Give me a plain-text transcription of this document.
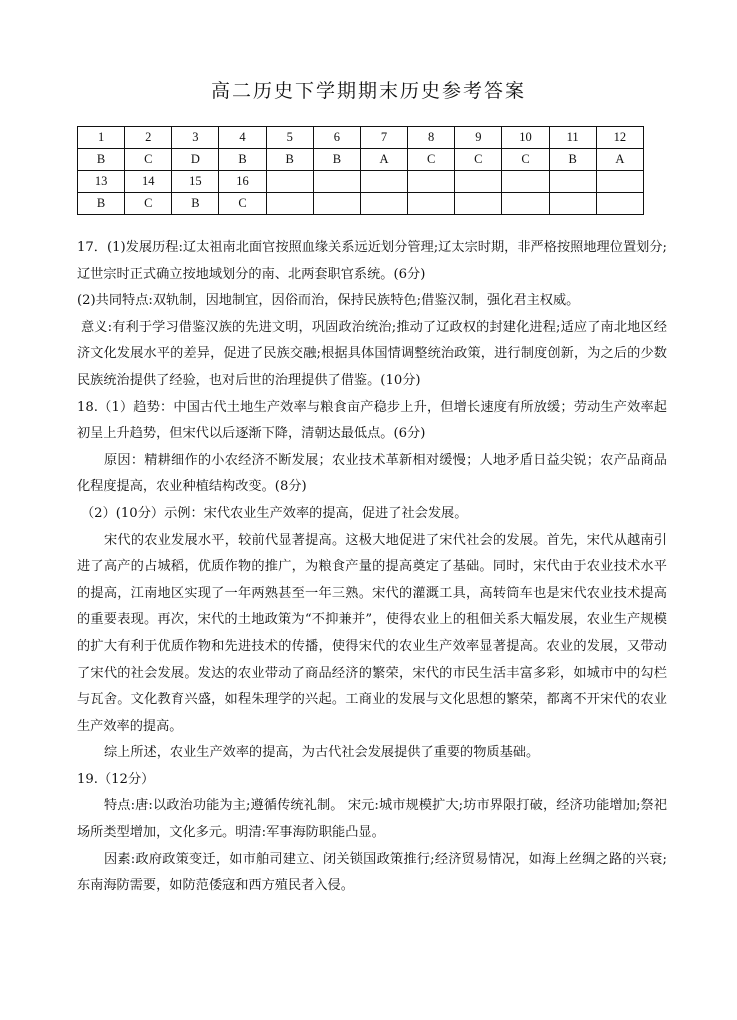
高二历史下学期期末历史参考答案
1	2	3	4	5	6	7	8	9	10	11	12
B	C	D	B	B	B	A	C	C	C	B	A
13	14	15	16								
B	C	B	C								

17．(1)发展历程:辽太祖南北面官按照血缘关系远近划分管理;辽太宗时期，非严格按照地理位置划分;辽世宗时正式确立按地域划分的南、北两套职官系统。(6分)

(2)共同特点:双轨制，因地制宜，因俗而治，保持民族特色;借鉴汉制，强化君主权威。

意义:有利于学习借鉴汉族的先进文明，巩固政治统治;推动了辽政权的封建化进程;适应了南北地区经济文化发展水平的差异，促进了民族交融;根据具体国情调整统治政策，进行制度创新，为之后的少数民族统治提供了经验，也对后世的治理提供了借鉴。(10分)

18.（1）趋势：中国古代土地生产效率与粮食亩产稳步上升，但增长速度有所放缓；劳动生产效率起初呈上升趋势，但宋代以后逐渐下降，清朝达最低点。(6分)

原因：精耕细作的小农经济不断发展；农业技术革新相对缓慢；人地矛盾日益尖锐；农产品商品化程度提高，农业种植结构改变。(8分)

（2）(10分）示例：宋代农业生产效率的提高，促进了社会发展。

宋代的农业发展水平，较前代显著提高。这极大地促进了宋代社会的发展。首先，宋代从越南引进了高产的占城稻，优质作物的推广，为粮食产量的提高奠定了基础。同时，宋代由于农业技术水平的提高，江南地区实现了一年两熟甚至一年三熟。宋代的灌溉工具，高转筒车也是宋代农业技术提高的重要表现。再次，宋代的土地政策为“不抑兼并”，使得农业上的租佃关系大幅发展，农业生产规模的扩大有利于优质作物和先进技术的传播，使得宋代的农业生产效率显著提高。农业的发展，又带动了宋代的社会发展。发达的农业带动了商品经济的繁荣，宋代的市民生活丰富多彩，如城市中的勾栏与瓦舍。文化教育兴盛，如程朱理学的兴起。工商业的发展与文化思想的繁荣，都离不开宋代的农业生产效率的提高。

综上所述，农业生产效率的提高，为古代社会发展提供了重要的物质基础。

19.（12分）

特点:唐:以政治功能为主;遵循传统礼制。 宋元:城市规模扩大;坊市界限打破，经济功能增加;祭祀场所类型增加，文化多元。明清:军事海防职能凸显。

因素:政府政策变迁，如市舶司建立、闭关锁国政策推行;经济贸易情况，如海上丝绸之路的兴衰;东南海防需要，如防范倭寇和西方殖民者入侵。
